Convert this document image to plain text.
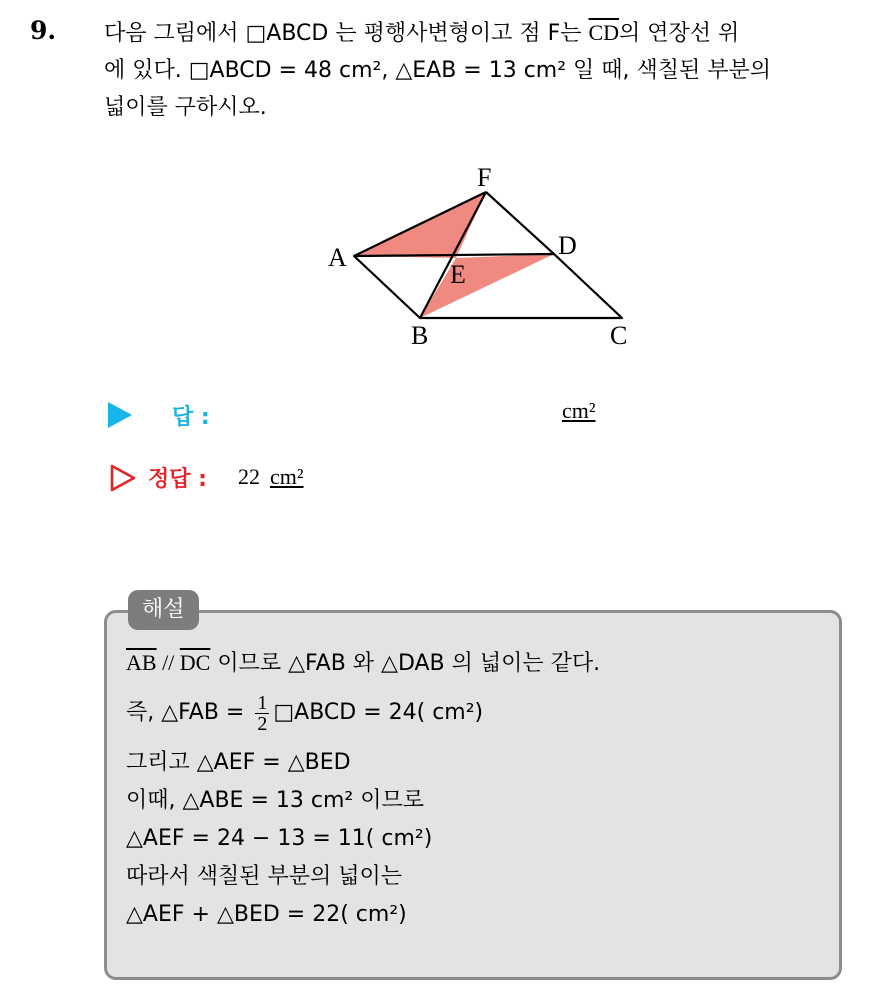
9. 다음 그림에서 □ABCD 는 평행사변형이고 점 F는 $\overline{CD}$의 연장선 위
에 있다. □ABCD = 48 cm², △EAB = 13 cm² 일 때, 색칠된 부분의
넓이를 구하시오.
F
A	D
E
B	C
답 :	cm²
정답 : 22 cm²
해설
$\overline{AB} // \overline{DC}$ 이므로 △FAB 와 △DAB 의 넓이는 같다.
즉, △FAB = $\frac{1}{2}$ □ABCD = 24( cm²)
그리고 △AEF = △BED
이때, △ABE = 13 cm² 이므로
△AEF = 24 − 13 = 11( cm²)
따라서 색칠된 부분의 넓이는
△AEF + △BED = 22( cm²)
